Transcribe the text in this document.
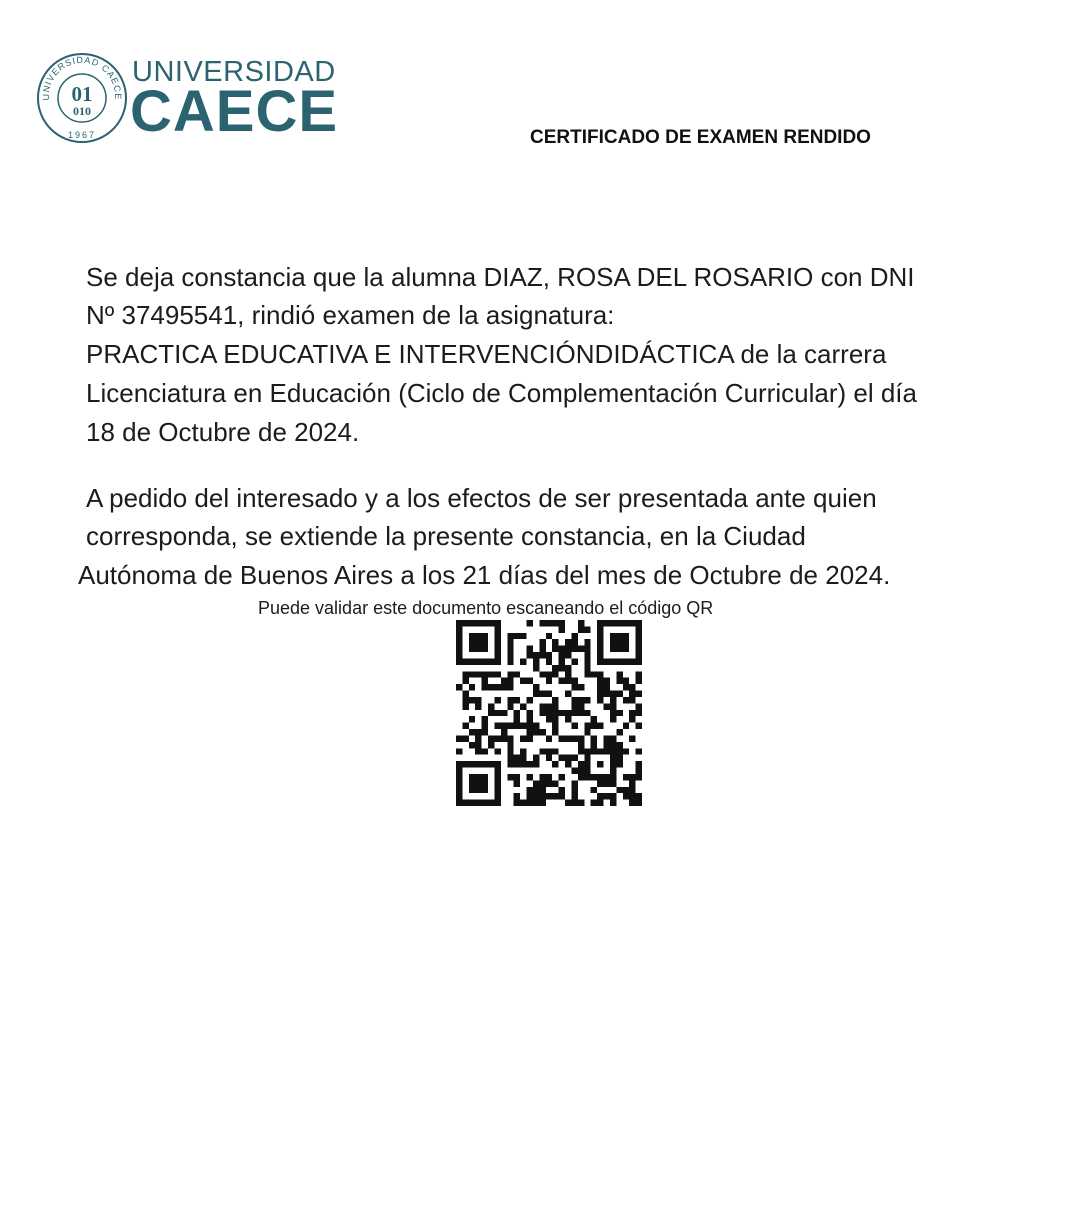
UNIVERSIDAD CAECE
01
010
1967
UNIVERSIDAD
CAECE	CERTIFICADO DE EXAMEN RENDIDO
Se deja constancia que la alumna DIAZ, ROSA DEL ROSARIO con DNI
Nº 37495541, rindió examen de la asignatura:
PRACTICA EDUCATIVA E INTERVENCIÓNDIDÁCTICA de la carrera
Licenciatura en Educación (Ciclo de Complementación Curricular) el día
18 de Octubre de 2024.
A pedido del interesado y a los efectos de ser presentada ante quien
corresponda, se extiende la presente constancia, en la Ciudad
Autónoma de Buenos Aires a los 21 días del mes de Octubre de 2024.
Puede validar este documento escaneando el código QR
